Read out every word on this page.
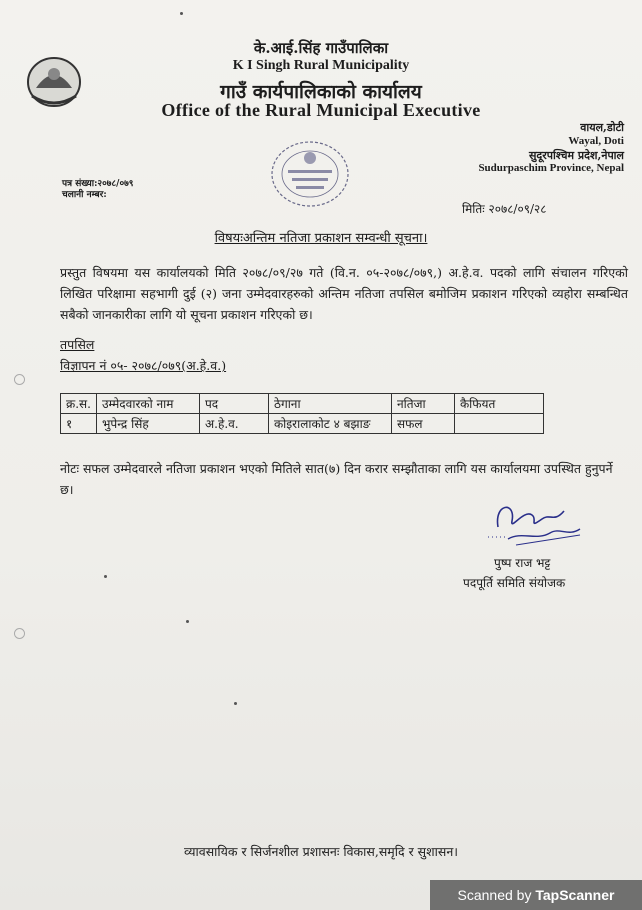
के.आई.सिंह गाउँपालिका
K I Singh Rural Municipality
गाउँ कार्यपालिकाको कार्यालय
Office of the Rural Municipal Executive
वायल,डोटी
Wayal, Doti
सुदूरपश्चिम प्रदेश,नेपाल
Sudurpaschim Province, Nepal
पत्र संख्या:२०७८/०७९
चलानी नम्बर:
मितिः २०७८/०९/२८
विषयःअन्तिम नतिजा प्रकाशन सम्वन्धी सूचना।
प्रस्तुत विषयमा यस कार्यालयको मिति २०७८/०९/२७ गते (वि.न. ०५-२०७८/०७९,) अ.हे.व. पदको लागि संचालन गरिएको लिखित परिक्षामा सहभागी दुई (२) जना उम्मेदवारहरुको अन्तिम नतिजा तपसिल बमोजिम प्रकाशन गरिएको व्यहोरा सम्बन्धित सबैको जानकारीका लागि यो सूचना प्रकाशन गरिएको छ।
तपसिल
विज्ञापन नं ०५- २०७८/०७९(अ.हे.व.)
क्र.स.	उम्मेदवारको नाम	पद	ठेगाना	नतिजा	कैफियत
१	भुपेन्द्र सिंह	अ.हे.व.	कोइरालाकोट ४ बझाङ	सफल	
नोटः सफल उम्मेदवारले नतिजा प्रकाशन भएको मितिले सात(७) दिन करार सम्झौताका लागि यस कार्यालयमा उपस्थित हुनुपर्ने छ।
पुष्प राज भट्ट
पदपूर्ति समिति संयोजक
व्यावसायिक र सिर्जनशील प्रशासनः विकास,समृदि र सुशासन।
Scanned by TapScanner
